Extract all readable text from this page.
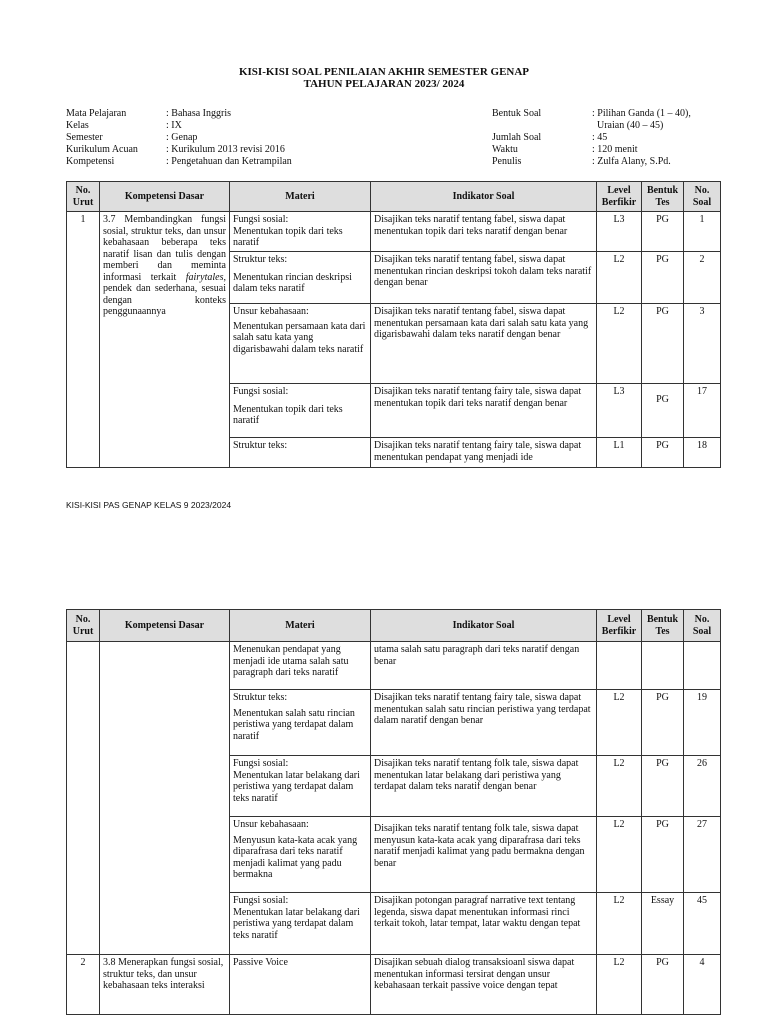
KISI-KISI SOAL PENILAIAN AKHIR SEMESTER GENAP
TAHUN PELAJARAN 2023/ 2024
Mata Pelajaran	: Bahasa Inggris
Kelas	: IX
Semester	: Genap
Kurikulum Acuan	: Kurikulum 2013 revisi 2016
Kompetensi	: Pengetahuan dan Ketrampilan
Bentuk Soal	: Pilihan Ganda (1 – 40),
Uraian (40 – 45)
Jumlah Soal	: 45
Waktu	: 120 menit
Penulis	: Zulfa Alany, S.Pd.
No. Urut	Kompetensi Dasar	Materi	Indikator Soal	Level Berfikir	Bentuk Tes	No. Soal
1	3.7 Membandingkan fungsi sosial, struktur teks, dan unsur kebahasaan beberapa teks naratif lisan dan tulis dengan memberi dan meminta informasi terkait fairytales, pendek dan sederhana, sesuai dengan konteks penggunaannya	Fungsi sosial:
Menentukan topik dari teks naratif	Disajikan teks naratif tentang fabel, siswa dapat menentukan topik dari teks naratif dengan benar	L3	PG	1

		Struktur teks:
Menentukan rincian deskripsi dalam teks naratif	Disajikan teks naratif tentang fabel, siswa dapat menentukan rincian deskripsi tokoh dalam teks naratif dengan benar	L2	PG	2

		Unsur kebahasaan:
Menentukan persamaan kata dari salah satu kata yang digarisbawahi dalam teks naratif	Disajikan teks naratif tentang fabel, siswa dapat menentukan persamaan kata dari salah satu kata yang digarisbawahi dalam teks naratif dengan benar	L2	PG	3

		Fungsi sosial:
Menentukan topik dari teks naratif	Disajikan teks naratif tentang fairy tale, siswa dapat menentukan topik dari teks naratif dengan benar	L3	PG	17

		Struktur teks:	Disajikan teks naratif tentang fairy tale, siswa dapat menentukan pendapat yang menjadi ide	L1	PG	18
KISI-KISI PAS GENAP KELAS 9 2023/2024
No. Urut	Kompetensi Dasar	Materi	Indikator Soal	Level Berfikir	Bentuk Tes	No. Soal

		Menenukan pendapat yang menjadi ide utama salah satu paragraph dari teks naratif	utama salah satu paragraph dari teks naratif dengan benar			

		Struktur teks:
Menentukan salah satu rincian peristiwa yang terdapat dalam naratif	Disajikan teks naratif tentang fairy tale, siswa dapat menentukan salah satu rincian peristiwa yang terdapat dalam naratif dengan benar	L2	PG	19

		Fungsi sosial:
Menentukan latar belakang dari peristiwa yang terdapat dalam teks naratif	Disajikan teks naratif tentang folk tale, siswa dapat menentukan latar belakang dari peristiwa yang terdapat dalam teks naratif dengan benar	L2	PG	26

		Unsur kebahasaan:
Menyusun kata-kata acak yang diparafrasa dari teks naratif menjadi kalimat yang padu bermakna	Disajikan teks naratif tentang folk tale, siswa dapat menyusun kata-kata acak yang diparafrasa dari teks naratif menjadi kalimat yang padu bermakna dengan benar	L2	PG	27

		Fungsi sosial:
Menentukan latar belakang dari peristiwa yang terdapat dalam teks naratif	Disajikan potongan paragraf narrative text tentang legenda, siswa dapat menentukan informasi rinci terkait tokoh, latar tempat, latar waktu dengan tepat	L2	Essay	45
2	3.8 Menerapkan fungsi sosial, struktur teks, dan unsur kebahasaan teks interaksi	Passive Voice	Disajikan sebuah dialog transaksioanl siswa dapat menentukan informasi tersirat dengan unsur kebahasaan terkait passive voice dengan tepat	L2	PG	4
